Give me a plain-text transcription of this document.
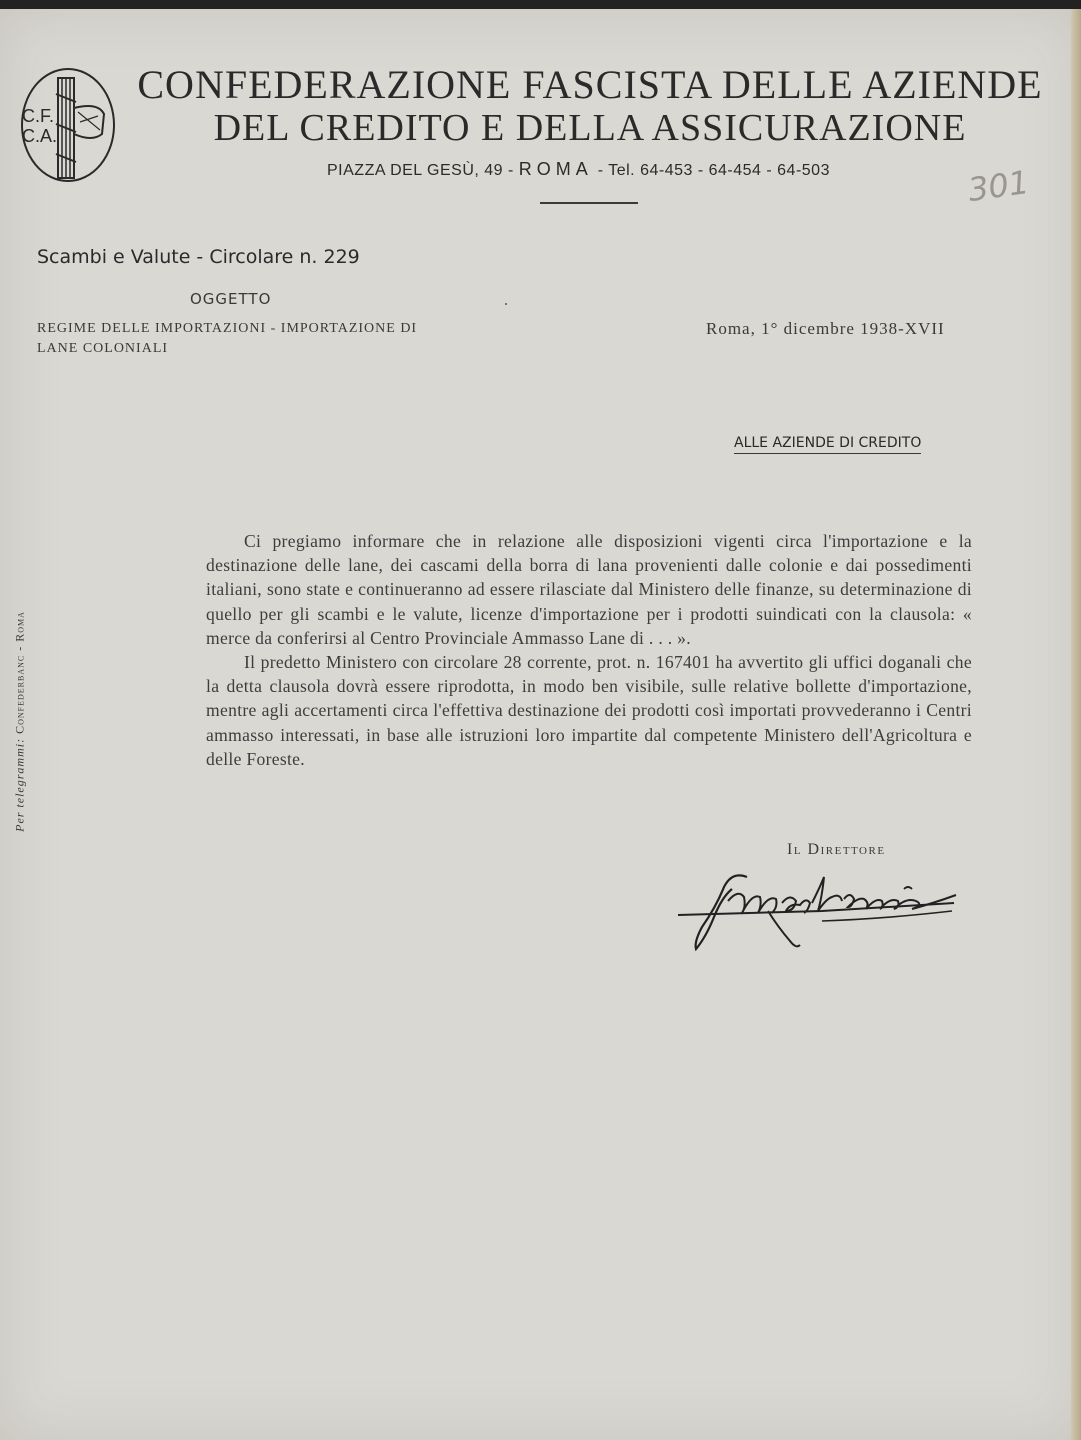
C.F.
C.A.
CONFEDERAZIONE FASCISTA DELLE AZIENDE
DEL CREDITO E DELLA ASSICURAZIONE
PIAZZA DEL GESÙ, 49 - ROMA - Tel. 64-453 - 64-454 - 64-503	301
Scambi e Valute - Circolare n. 229
OGGETTO
REGIME DELLE IMPORTAZIONI - IMPORTAZIONE DI LANE COLONIALI
Roma, 1° dicembre 1938-XVII
ALLE AZIENDE DI CREDITO

Ci pregiamo informare che in relazione alle disposizioni vigenti circa l'importazione e la destinazione delle lane, dei cascami della borra di lana provenienti dalle colonie e dai possedimenti italiani, sono state e continueranno ad essere rilasciate dal Ministero delle finanze, su determinazione di quello per gli scambi e le valute, licenze d'importazione per i prodotti suindicati con la clausola: « merce da conferirsi al Centro Provinciale Ammasso Lane di . . . ».

Il predetto Ministero con circolare 28 corrente, prot. n. 167401 ha avvertito gli uffici doganali che la detta clausola dovrà essere riprodotta, in modo ben visibile, sulle relative bollette d'importazione, mentre agli accertamenti circa l'effettiva destinazione dei prodotti così importati provvederanno i Centri ammasso interessati, in base alle istruzioni loro impartite dal competente Ministero dell'Agricoltura e delle Foreste.

Il Direttore
Per telegrammi: Confederbanc - Roma
